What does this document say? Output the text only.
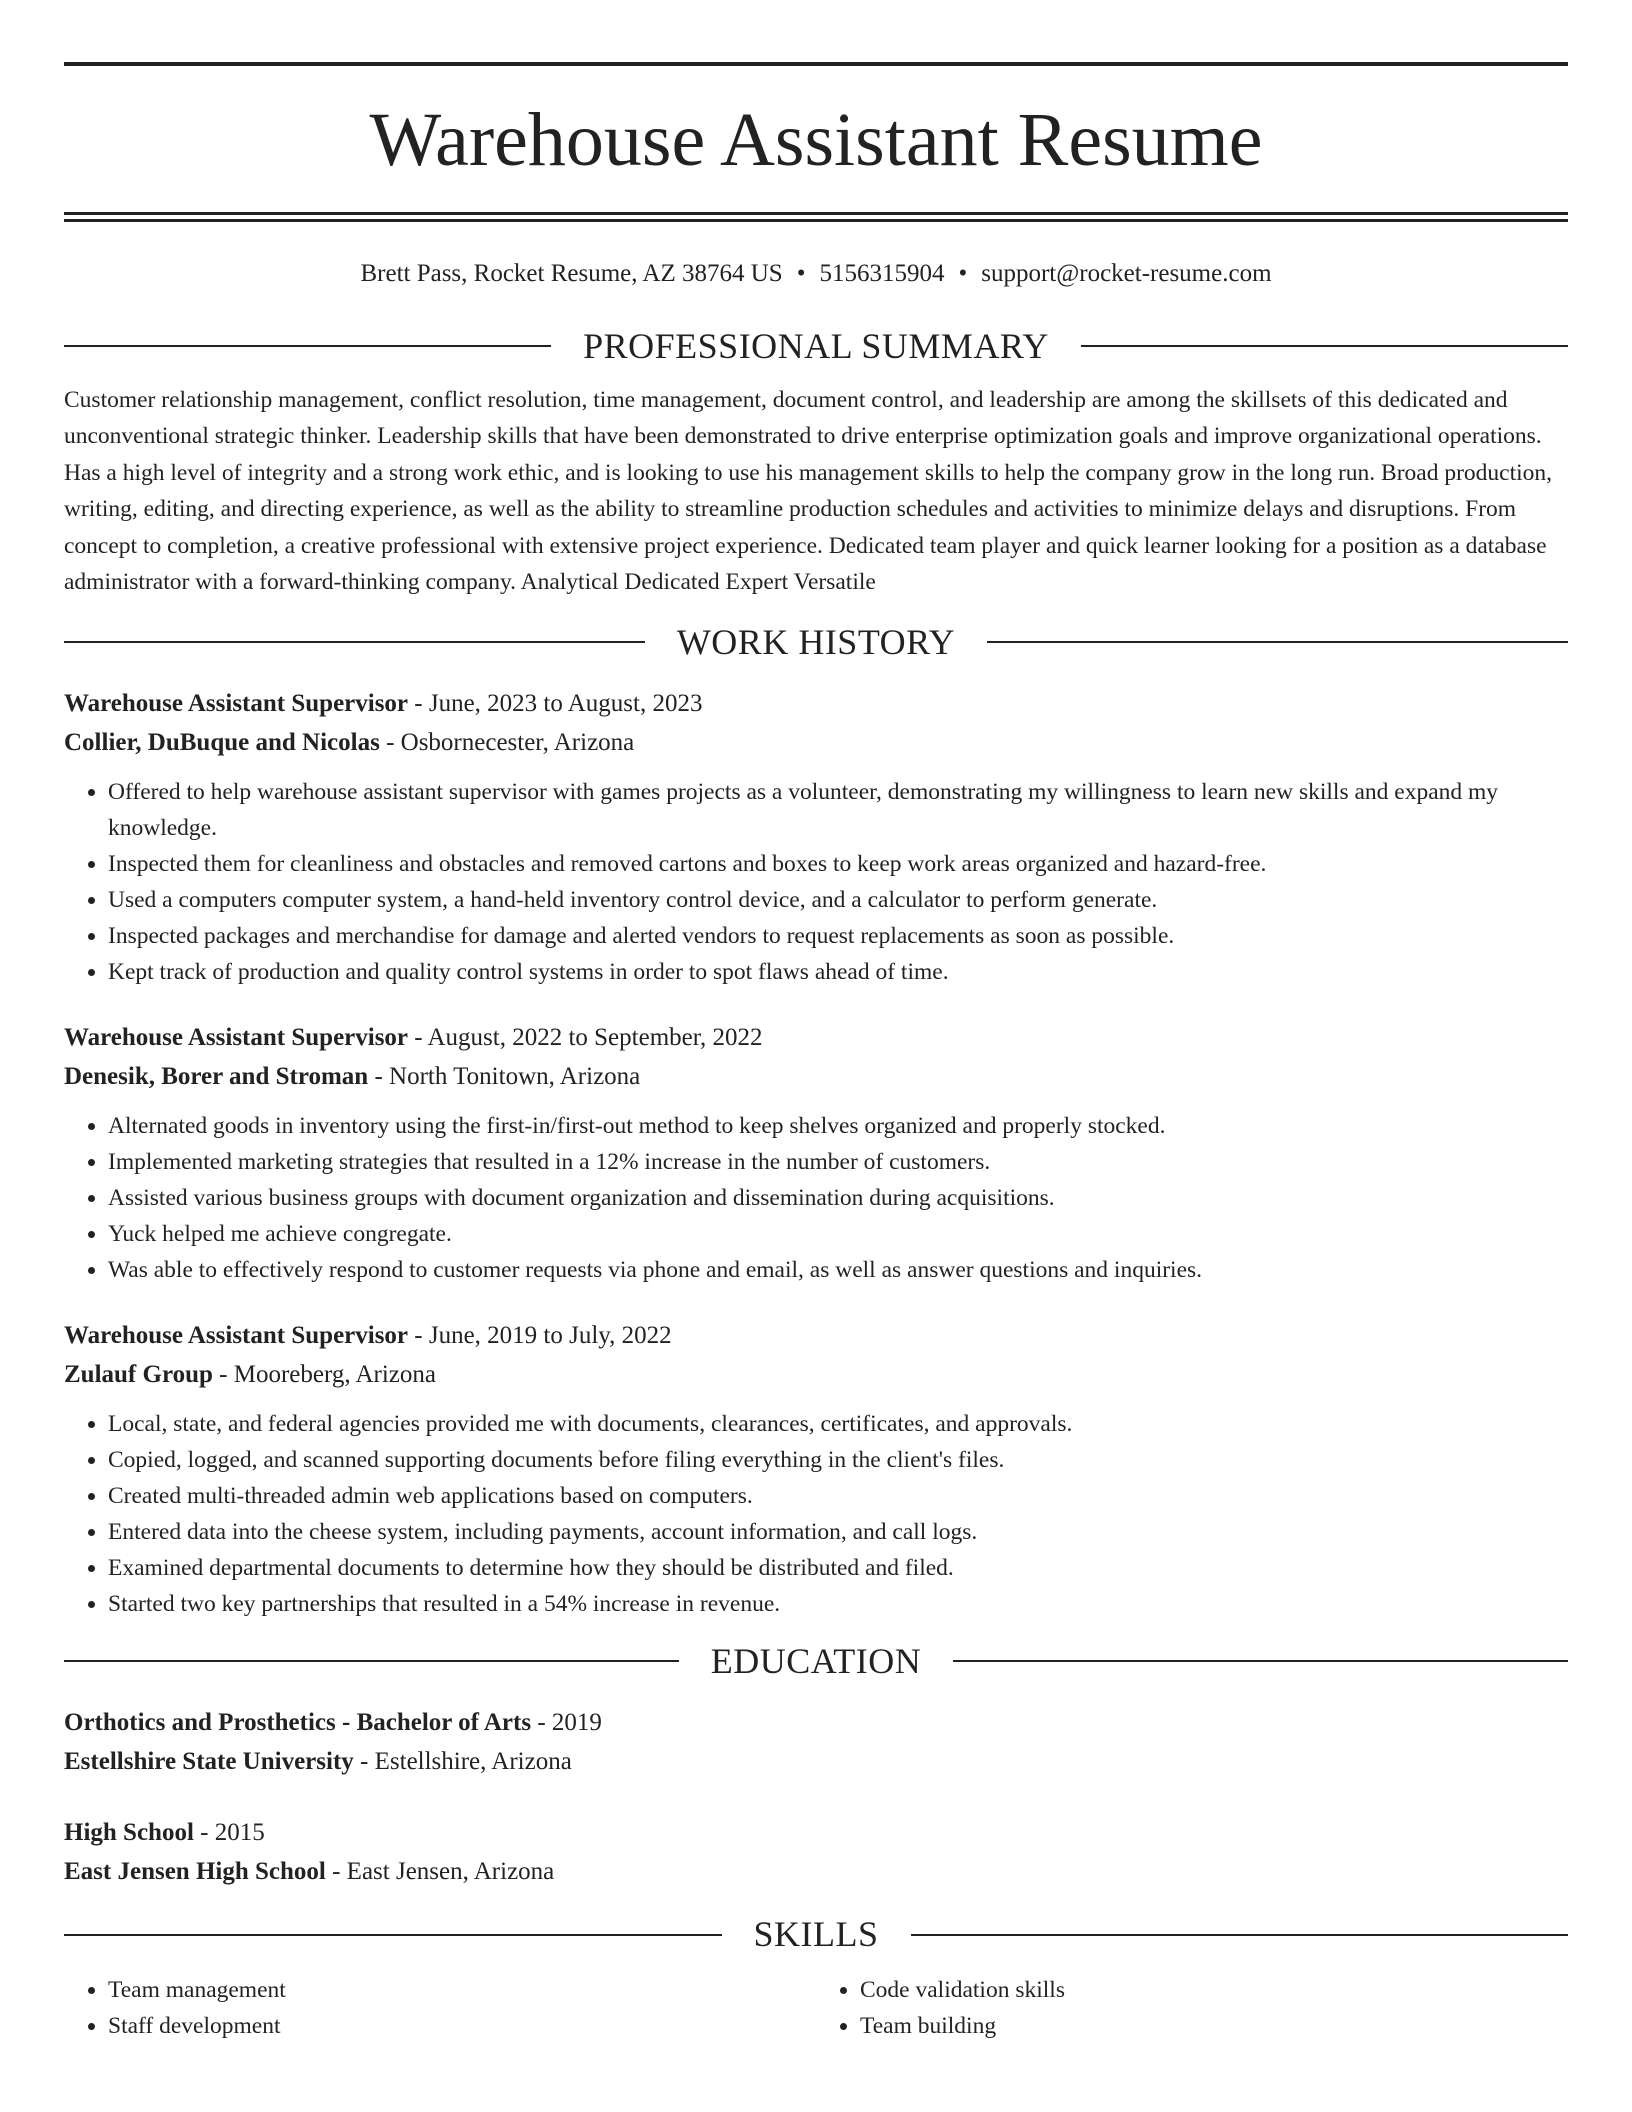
Warehouse Assistant Resume
Brett Pass, Rocket Resume, AZ 38764 US • 5156315904 • support@rocket-resume.com
PROFESSIONAL SUMMARY

Customer relationship management, conflict resolution, time management, document control, and leadership are among the skillsets of this dedicated and unconventional strategic thinker. Leadership skills that have been demonstrated to drive enterprise optimization goals and improve organizational operations. Has a high level of integrity and a strong work ethic, and is looking to use his management skills to help the company grow in the long run. Broad production, writing, editing, and directing experience, as well as the ability to streamline production schedules and activities to minimize delays and disruptions. From concept to completion, a creative professional with extensive project experience. Dedicated team player and quick learner looking for a position as a database administrator with a forward-thinking company. Analytical Dedicated Expert Versatile

WORK HISTORY
Warehouse Assistant Supervisor - June, 2023 to August, 2023
Collier, DuBuque and Nicolas - Osbornecester, Arizona
• Offered to help warehouse assistant supervisor with games projects as a volunteer, demonstrating my willingness to learn new skills and expand my knowledge.
• Inspected them for cleanliness and obstacles and removed cartons and boxes to keep work areas organized and hazard-free.
• Used a computers computer system, a hand-held inventory control device, and a calculator to perform generate.
• Inspected packages and merchandise for damage and alerted vendors to request replacements as soon as possible.
• Kept track of production and quality control systems in order to spot flaws ahead of time.
Warehouse Assistant Supervisor - August, 2022 to September, 2022
Denesik, Borer and Stroman - North Tonitown, Arizona
• Alternated goods in inventory using the first-in/first-out method to keep shelves organized and properly stocked.
• Implemented marketing strategies that resulted in a 12% increase in the number of customers.
• Assisted various business groups with document organization and dissemination during acquisitions.
• Yuck helped me achieve congregate.
• Was able to effectively respond to customer requests via phone and email, as well as answer questions and inquiries.
Warehouse Assistant Supervisor - June, 2019 to July, 2022
Zulauf Group - Mooreberg, Arizona
• Local, state, and federal agencies provided me with documents, clearances, certificates, and approvals.
• Copied, logged, and scanned supporting documents before filing everything in the client's files.
• Created multi-threaded admin web applications based on computers.
• Entered data into the cheese system, including payments, account information, and call logs.
• Examined departmental documents to determine how they should be distributed and filed.
• Started two key partnerships that resulted in a 54% increase in revenue.
EDUCATION
Orthotics and Prosthetics - Bachelor of Arts - 2019
Estellshire State University - Estellshire, Arizona
High School - 2015
East Jensen High School - East Jensen, Arizona
SKILLS
• Team management
• Staff development
• Code validation skills
• Team building
